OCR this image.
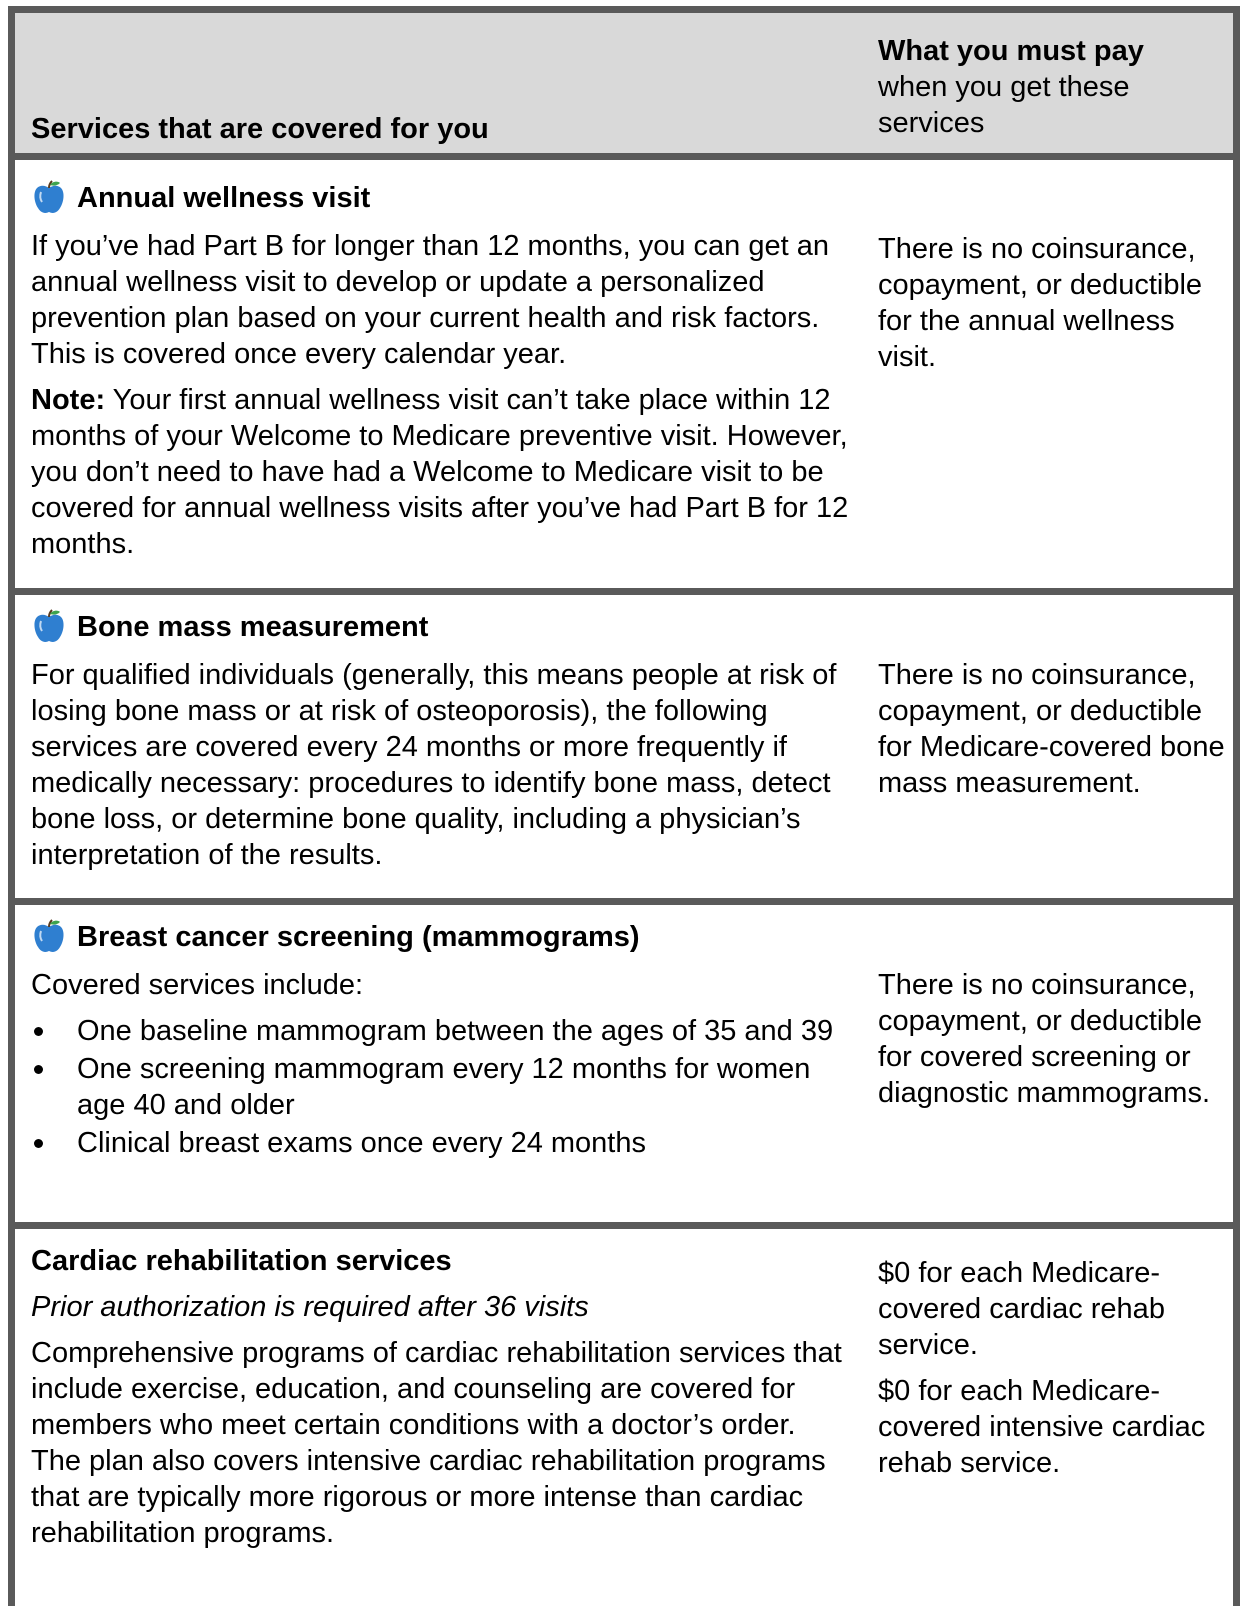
Services that are covered for you
What you must pay
when you get these services
Annual wellness visit

If you’ve had Part B for longer than 12 months, you can get an annual wellness visit to develop or update a personalized prevention plan based on your current health and risk factors. This is covered once every calendar year.

Note: Your first annual wellness visit can’t take place within 12 months of your Welcome to Medicare preventive visit. However, you don’t need to have had a Welcome to Medicare visit to be covered for annual wellness visits after you’ve had Part B for 12 months.

There is no coinsurance, copayment, or deductible for the annual wellness visit.

Bone mass measurement

For qualified individuals (generally, this means people at risk of losing bone mass or at risk of osteoporosis), the following services are covered every 24 months or more frequently if medically necessary: procedures to identify bone mass, detect bone loss, or determine bone quality, including a physician’s interpretation of the results.

There is no coinsurance, copayment, or deductible for Medicare-covered bone mass measurement.

Breast cancer screening (mammograms)

Covered services include:

One baseline mammogram between the ages of 35 and 39
One screening mammogram every 12 months for women age 40 and older
Clinical breast exams once every 24 months

There is no coinsurance, copayment, or deductible for covered screening or diagnostic mammograms.

Cardiac rehabilitation services

Prior authorization is required after 36 visits

Comprehensive programs of cardiac rehabilitation services that include exercise, education, and counseling are covered for members who meet certain conditions with a doctor’s order. The plan also covers intensive cardiac rehabilitation programs that are typically more rigorous or more intense than cardiac rehabilitation programs.

$0 for each Medicare-covered cardiac rehab service.

$0 for each Medicare-covered intensive cardiac rehab service.
